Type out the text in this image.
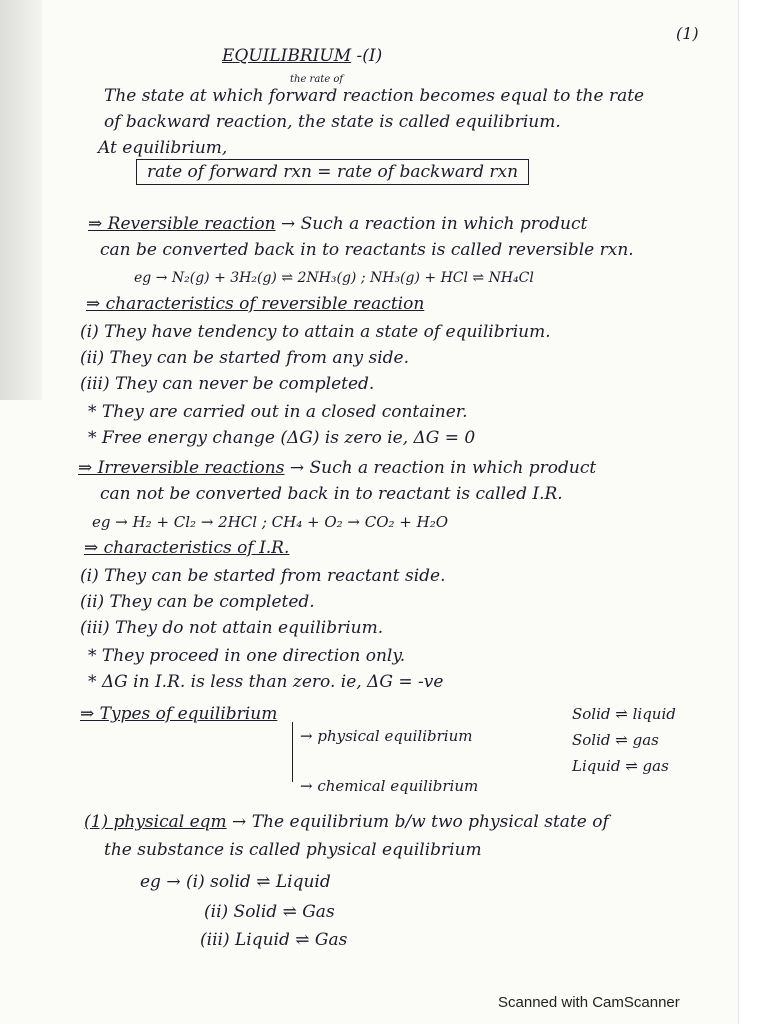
(1)
EQUILIBRIUM -(I)
the rate of
The state at which forward reaction becomes equal to the rate
of backward reaction, the state is called equilibrium.
At equilibrium,
rate of forward rxn = rate of backward rxn
⇒ Reversible reaction → Such a reaction in which product
can be converted back in to reactants is called reversible rxn.
eg → N₂(g) + 3H₂(g) ⇌ 2NH₃(g) ; NH₃(g) + HCl ⇌ NH₄Cl
⇒ characteristics of reversible reaction
(i) They have tendency to attain a state of equilibrium.
(ii) They can be started from any side.
(iii) They can never be completed.
* They are carried out in a closed container.
* Free energy change (ΔG) is zero ie, ΔG = 0
⇒ Irreversible reactions → Such a reaction in which product
can not be converted back in to reactant is called I.R.
eg → H₂ + Cl₂ → 2HCl ; CH₄ + O₂ → CO₂ + H₂O
⇒ characteristics of I.R.
(i) They can be started from reactant side.
(ii) They can be completed.
(iii) They do not attain equilibrium.
* They proceed in one direction only.
* ΔG in I.R. is less than zero. ie, ΔG = -ve
⇒ Types of equilibrium
→ physical equilibrium
→ chemical equilibrium
Solid ⇌ liquid
Solid ⇌ gas
Liquid ⇌ gas
(1) physical eqm → The equilibrium b/w two physical state of
the substance is called physical equilibrium
eg → (i) solid ⇌ Liquid
(ii) Solid ⇌ Gas
(iii) Liquid ⇌ Gas
Scanned with CamScanner
